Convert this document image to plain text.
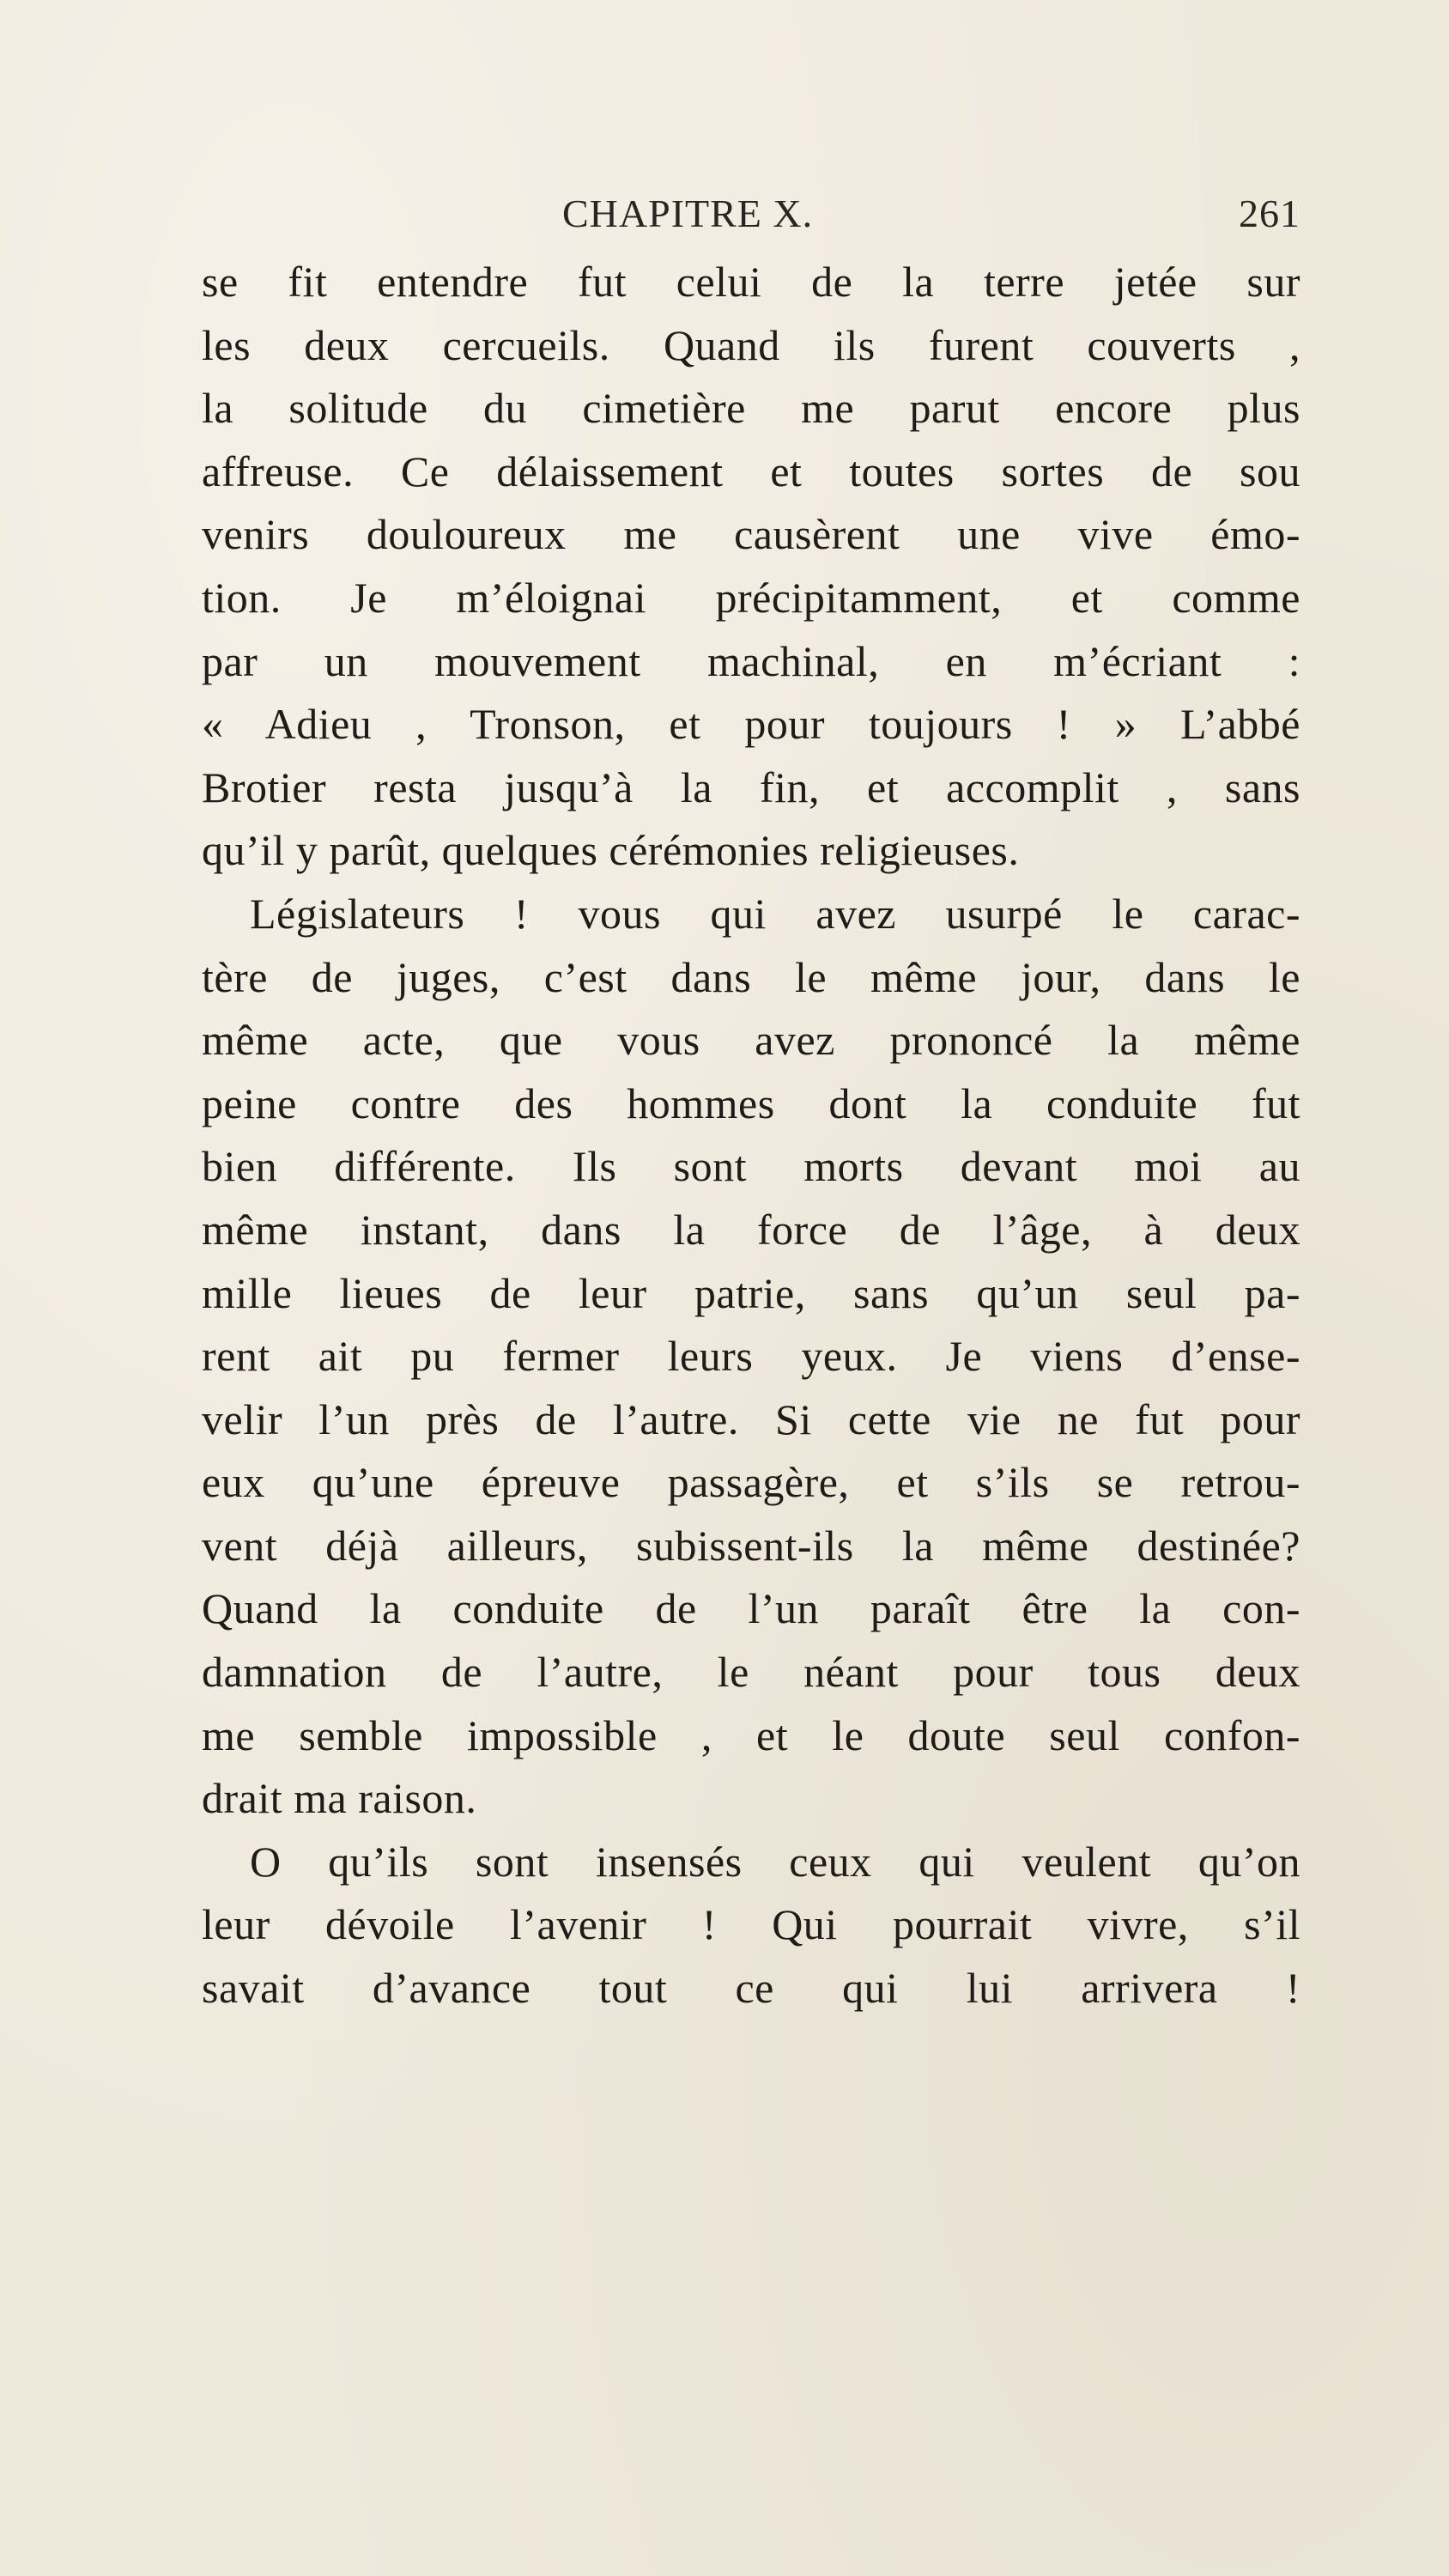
CHAPITRE X.	261
se fit entendre fut celui de la terre jetée sur
les deux cercueils. Quand ils furent couverts ,
la solitude du cimetière me parut encore plus
affreuse. Ce délaissement et toutes sortes de sou
venirs douloureux me causèrent une vive émo-
tion. Je m’éloignai précipitamment, et comme
par un mouvement machinal, en m’écriant :
« Adieu , Tronson, et pour toujours ! » L’abbé
Brotier resta jusqu’à la fin, et accomplit , sans
qu’il y parût, quelques cérémonies religieuses.
Législateurs ! vous qui avez usurpé le carac-
tère de juges, c’est dans le même jour, dans le
même acte, que vous avez prononcé la même
peine contre des hommes dont la conduite fut
bien différente. Ils sont morts devant moi au
même instant, dans la force de l’âge, à deux
mille lieues de leur patrie, sans qu’un seul pa-
rent ait pu fermer leurs yeux. Je viens d’ense-
velir l’un près de l’autre. Si cette vie ne fut pour
eux qu’une épreuve passagère, et s’ils se retrou-
vent déjà ailleurs, subissent-ils la même destinée?
Quand la conduite de l’un paraît être la con-
damnation de l’autre, le néant pour tous deux
me semble impossible , et le doute seul confon-
drait ma raison.
O qu’ils sont insensés ceux qui veulent qu’on
leur dévoile l’avenir ! Qui pourrait vivre, s’il
savait d’avance tout ce qui lui arrivera !
